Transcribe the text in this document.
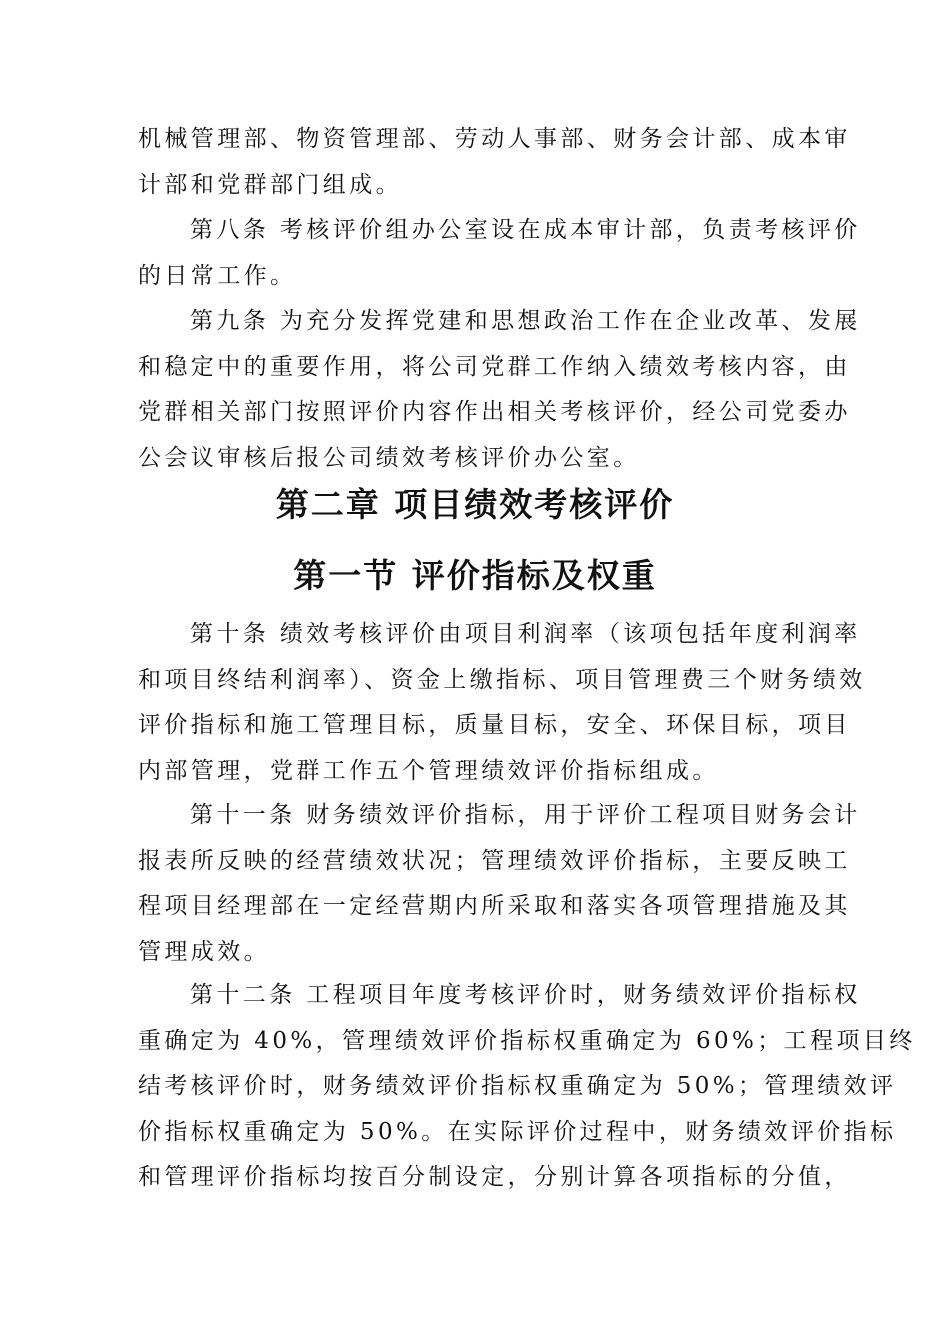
机械管理部、物资管理部、劳动人事部、财务会计部、成本审
计部和党群部门组成。

第八条 考核评价组办公室设在成本审计部，负责考核评价
的日常工作。

第九条 为充分发挥党建和思想政治工作在企业改革、发展
和稳定中的重要作用，将公司党群工作纳入绩效考核内容，由
党群相关部门按照评价内容作出相关考核评价，经公司党委办
公会议审核后报公司绩效考核评价办公室。

第二章 项目绩效考核评价
第一节 评价指标及权重

第十条 绩效考核评价由项目利润率（该项包括年度利润率
和项目终结利润率）、资金上缴指标、项目管理费三个财务绩效
评价指标和施工管理目标，质量目标，安全、环保目标，项目
内部管理，党群工作五个管理绩效评价指标组成。

第十一条 财务绩效评价指标，用于评价工程项目财务会计
报表所反映的经营绩效状况；管理绩效评价指标，主要反映工
程项目经理部在一定经营期内所采取和落实各项管理措施及其
管理成效。

第十二条 工程项目年度考核评价时，财务绩效评价指标权
重确定为 40%，管理绩效评价指标权重确定为 60%；工程项目终
结考核评价时，财务绩效评价指标权重确定为 50%；管理绩效评
价指标权重确定为 50%。在实际评价过程中，财务绩效评价指标
和管理评价指标均按百分制设定，分别计算各项指标的分值，
